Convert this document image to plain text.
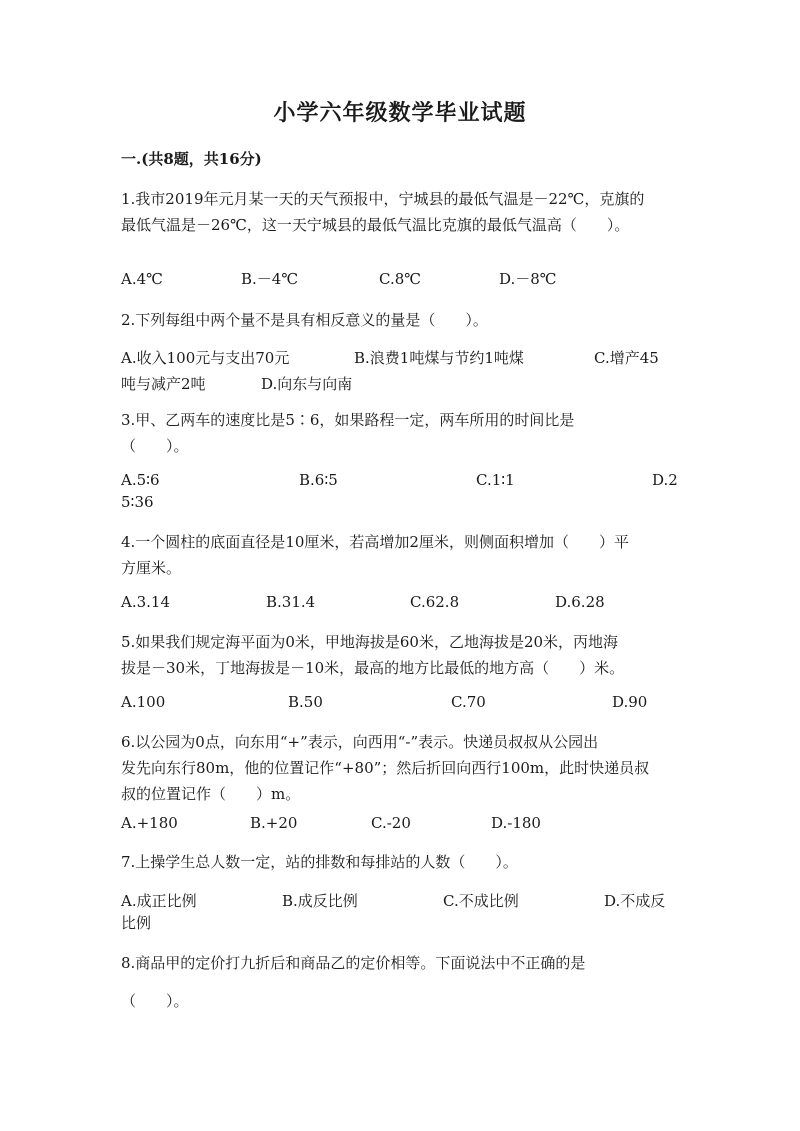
小学六年级数学毕业试题
一.(共8题，共16分)
1.我市2019年元月某一天的天气预报中，宁城县的最低气温是－22℃，克旗的
最低气温是－26℃，这一天宁城县的最低气温比克旗的最低气温高（　　）。
A.4℃	B.－4℃	C.8℃	D.－8℃
2.下列每组中两个量不是具有相反意义的量是（　　）。
A.收入100元与支出70元	B.浪费1吨煤与节约1吨煤	C.增产45
吨与减产2吨	D.向东与向南
3.甲、乙两车的速度比是5∶6，如果路程一定，两车所用的时间比是
（　　）。
A.5∶6	B.6∶5	C.1∶1	D.2
5∶36
4.一个圆柱的底面直径是10厘米，若高增加2厘米，则侧面积增加（　　）平
方厘米。
A.3.14	B.31.4	C.62.8	D.6.28
5.如果我们规定海平面为0米，甲地海拔是60米，乙地海拔是20米，丙地海
拔是－30米，丁地海拔是－10米，最高的地方比最低的地方高（　　）米。
A.100	B.50	C.70	D.90
6.以公园为0点，向东用“+”表示，向西用“-”表示。快递员叔叔从公园出
发先向东行80m，他的位置记作“+80”；然后折回向西行100m，此时快递员叔
叔的位置记作（　　）m。
A.+180	B.+20	C.-20	D.-180
7.上操学生总人数一定，站的排数和每排站的人数（　　）。
A.成正比例	B.成反比例	C.不成比例	D.不成反
比例
8.商品甲的定价打九折后和商品乙的定价相等。下面说法中不正确的是
（　　）。
